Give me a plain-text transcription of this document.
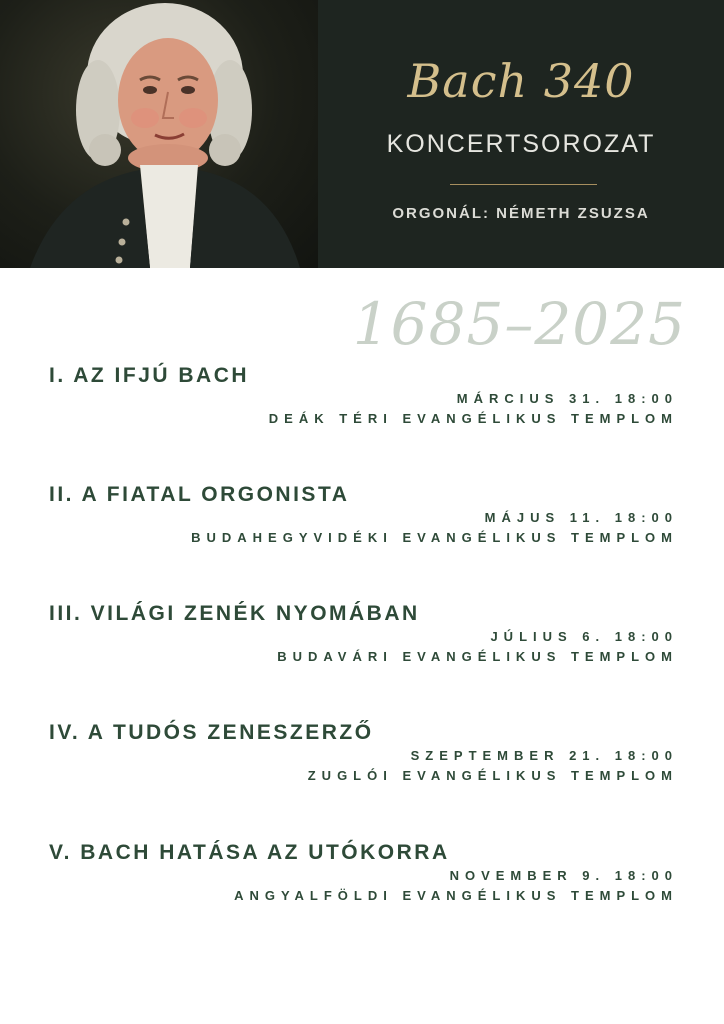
Bach 340
KONCERTSOROZAT
ORGONÁL: NÉMETH ZSUZSA
1685–2025
I. AZ IFJÚ BACH
MÁRCIUS 31. 18:00
DEÁK TÉRI EVANGÉLIKUS TEMPLOM
II. A FIATAL ORGONISTA
MÁJUS 11. 18:00
BUDAHEGYVIDÉKI EVANGÉLIKUS TEMPLOM
III. VILÁGI ZENÉK NYOMÁBAN
JÚLIUS 6. 18:00
BUDAVÁRI EVANGÉLIKUS TEMPLOM
IV. A TUDÓS ZENESZERZŐ
SZEPTEMBER 21. 18:00
ZUGLÓI EVANGÉLIKUS TEMPLOM
V. BACH HATÁSA AZ UTÓKORRA
NOVEMBER 9. 18:00
ANGYALFÖLDI EVANGÉLIKUS TEMPLOM
